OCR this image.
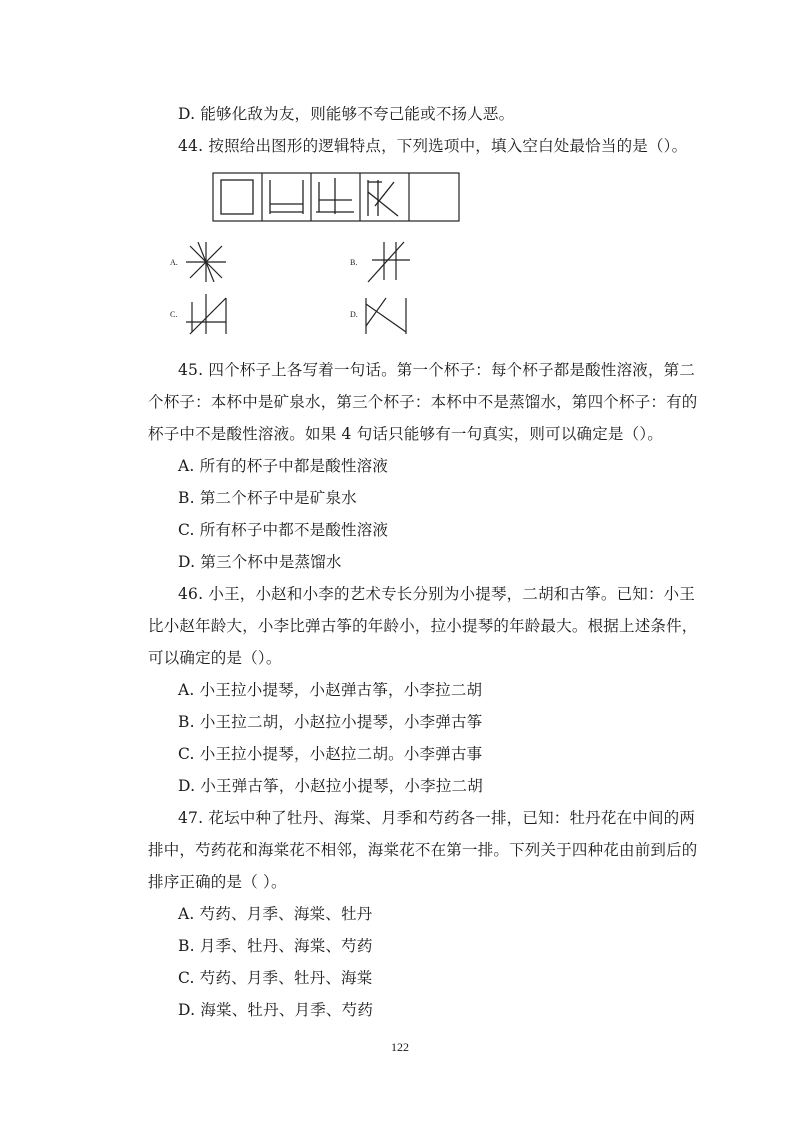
D. 能够化敌为友，则能够不夸己能或不扬人恶。
44. 按照给出图形的逻辑特点，下列选项中，填入空白处最恰当的是（）。
A.	B.
C.	D.
45. 四个杯子上各写着一句话。第一个杯子：每个杯子都是酸性溶液，第二
个杯子：本杯中是矿泉水，第三个杯子：本杯中不是蒸馏水，第四个杯子：有的
杯子中不是酸性溶液。如果 4 句话只能够有一句真实，则可以确定是（）。
A. 所有的杯子中都是酸性溶液
B. 第二个杯子中是矿泉水
C. 所有杯子中都不是酸性溶液
D. 第三个杯中是蒸馏水
46. 小王，小赵和小李的艺术专长分别为小提琴，二胡和古筝。已知：小王
比小赵年龄大，小李比弹古筝的年龄小，拉小提琴的年龄最大。根据上述条件，
可以确定的是（）。
A. 小王拉小提琴，小赵弹古筝，小李拉二胡
B. 小王拉二胡，小赵拉小提琴，小李弹古筝
C. 小王拉小提琴，小赵拉二胡。小李弹古事
D. 小王弹古筝，小赵拉小提琴，小李拉二胡
47. 花坛中种了牡丹、海棠、月季和芍药各一排，已知：牡丹花在中间的两
排中，芍药花和海棠花不相邻，海棠花不在第一排。下列关于四种花由前到后的
排序正确的是（ ）。
A. 芍药、月季、海棠、牡丹
B. 月季、牡丹、海棠、芍药
C. 芍药、月季、牡丹、海棠
D. 海棠、牡丹、月季、芍药
122
